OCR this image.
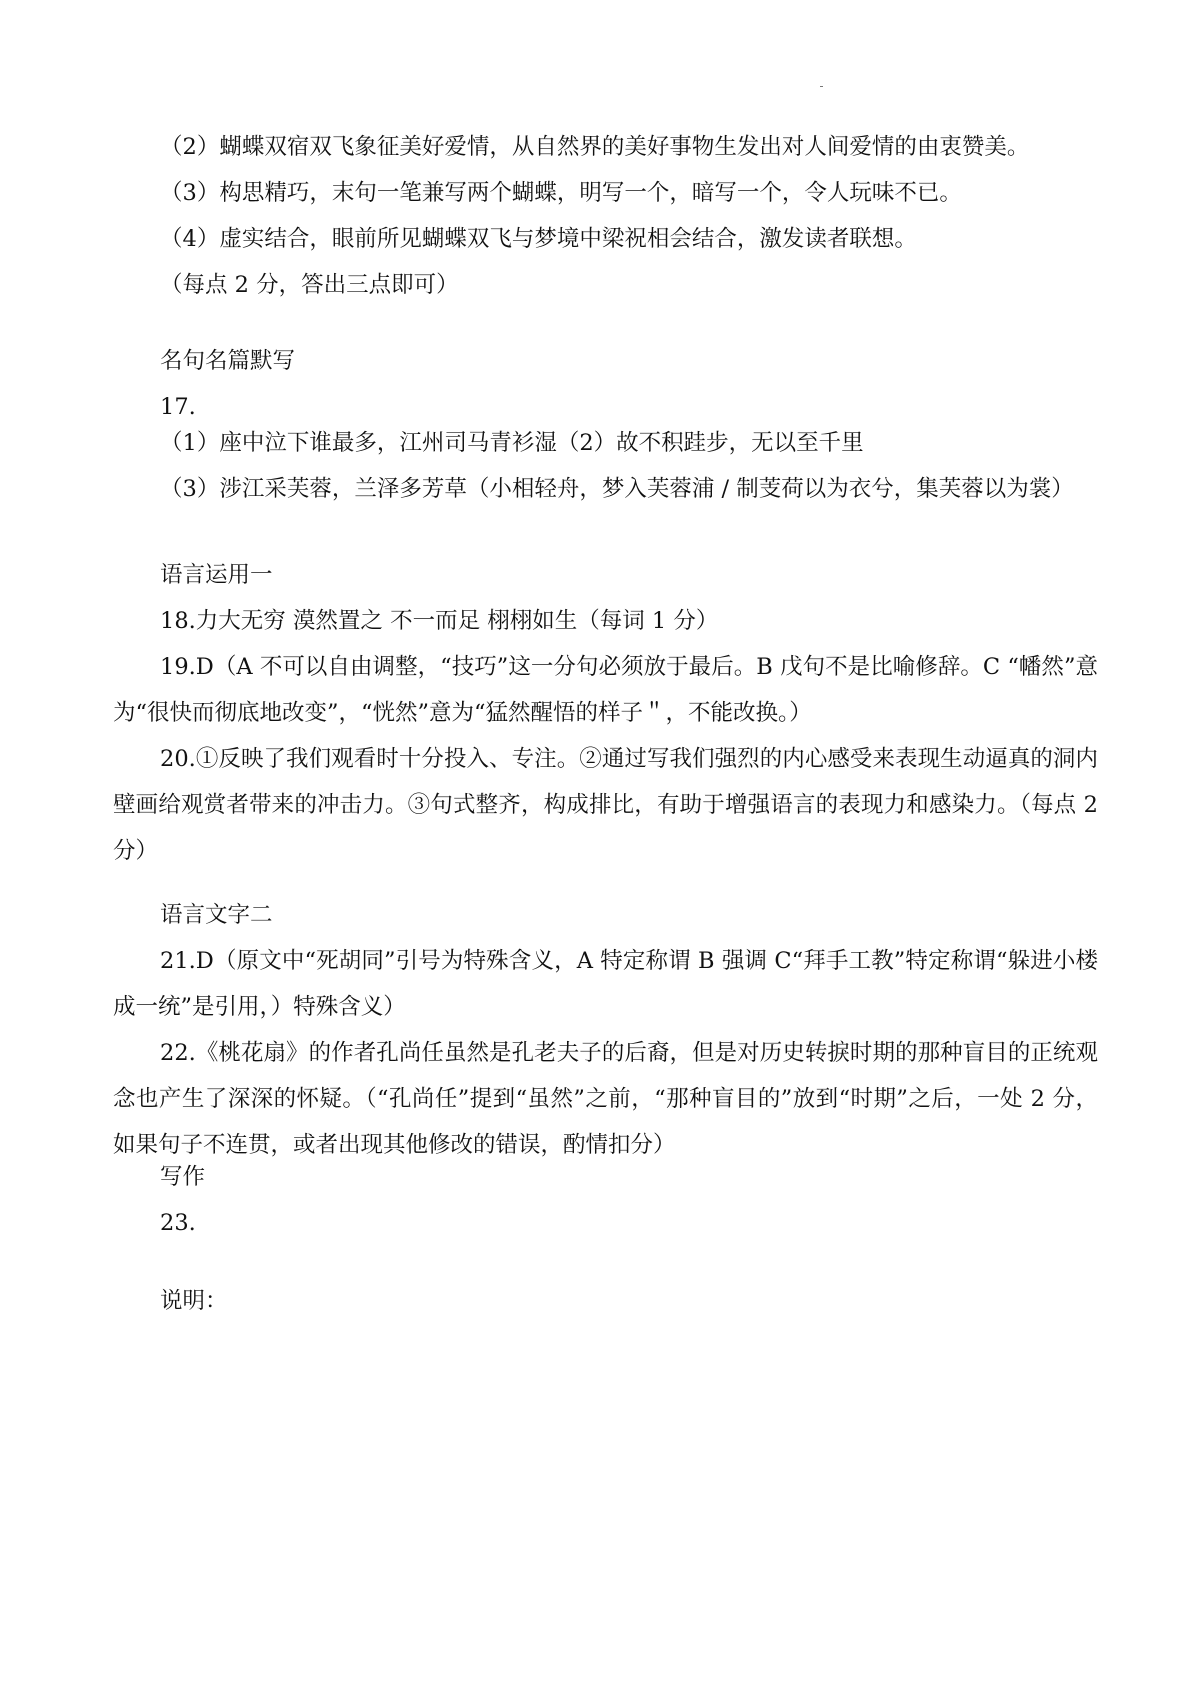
（2）蝴蝶双宿双飞象征美好爱情，从自然界的美好事物生发出对人间爱情的由衷赞美。
（3）构思精巧，末句一笔兼写两个蝴蝶，明写一个，暗写一个，令人玩味不已。
（4）虚实结合，眼前所见蝴蝶双飞与梦境中梁祝相会结合，激发读者联想。
（每点 2 分，答出三点即可）
名句名篇默写
17.
（1）座中泣下谁最多，江州司马青衫湿（2）故不积跬步，无以至千里
（3）涉江采芙蓉，兰泽多芳草（小相轻舟，梦入芙蓉浦 / 制芰荷以为衣兮，集芙蓉以为裳）
语言运用一
18.力大无穷 漠然置之 不一而足 栩栩如生（每词 1 分）
19.D（A 不可以自由调整，“技巧”这一分句必须放于最后。B 戊句不是比喻修辞。C “幡然”意为“很快而彻底地改变”，“恍然”意为“猛然醒悟的样子＂，不能改换。）
20.①反映了我们观看时十分投入、专注。②通过写我们强烈的内心感受来表现生动逼真的洞内壁画给观赏者带来的冲击力。③句式整齐，构成排比，有助于增强语言的表现力和感染力。（每点 2 分）
语言文字二
21.D（原文中“死胡同”引号为特殊含义，A 特定称谓 B 强调 C“拜手工教”特定称谓“躲进小楼成一统”是引用，）特殊含义）
22.《桃花扇》的作者孔尚任虽然是孔老夫子的后裔，但是对历史转捩时期的那种盲目的正统观念也产生了深深的怀疑。（“孔尚任”提到“虽然”之前，“那种盲目的”放到“时期”之后，一处 2 分，如果句子不连贯，或者出现其他修改的错误，酌情扣分）
写作
23.
说明：
